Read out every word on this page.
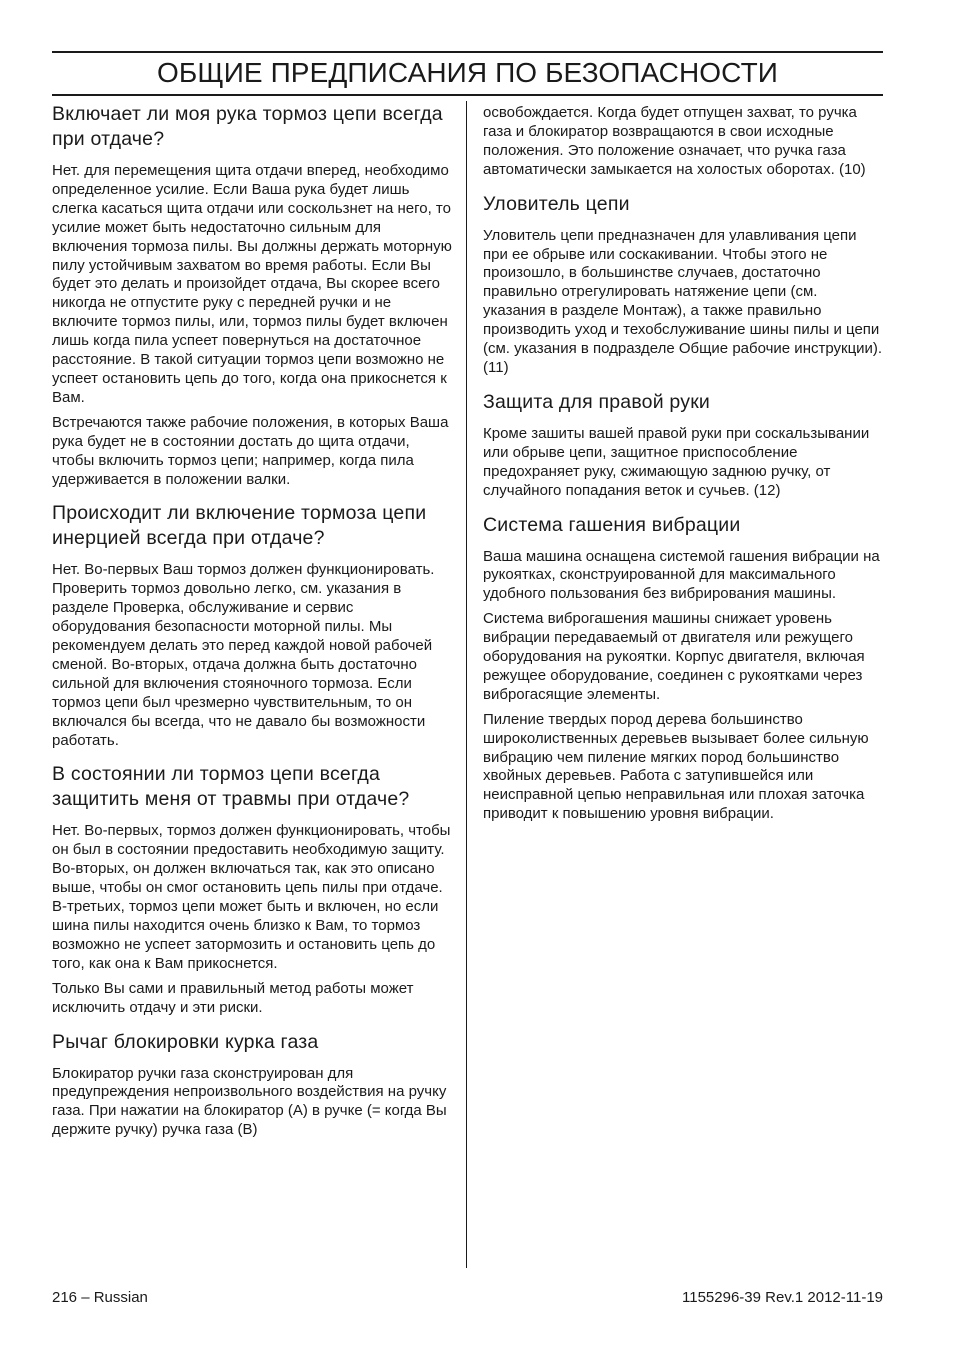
ОБЩИЕ ПРЕДПИСАНИЯ ПО БЕЗОПАСНОСТИ
Включает ли моя рука тормоз цепи всегда при отдаче?

Нет. для перемещения щита отдачи вперед, необходимо определенное усилие. Если Ваша рука будет лишь слегка касаться щита отдачи или соскользнет на него, то усилие может быть недостаточно сильным для включения тормоза пилы. Вы должны держать моторную пилу устойчивым захватом во время работы. Если Вы будет это делать и произойдет отдача, Вы скорее всего никогда не отпустите руку с передней ручки и не включите тормоз пилы, или, тормоз пилы будет включен лишь когда пила успеет повернуться на достаточное расстояние. В такой ситуации тормоз цепи возможно не успеет остановить цепь до того, когда она прикоснется к Вам.

Встречаются также рабочие положения, в которых Ваша рука будет не в состоянии достать до щита отдачи, чтобы включить тормоз цепи; например, когда пила удерживается в положении валки.

Происходит ли включение тормоза цепи инерцией всегда при отдаче?

Нет. Во-первых Ваш тормоз должен функционировать. Проверить тормоз довольно легко, см. указания в разделе Проверка, обслуживание и сервис оборудования безопасности моторной пилы. Мы рекомендуем делать это перед каждой новой рабочей сменой. Во-вторых, отдача должна быть достаточно сильной для включения стояночного тормоза. Если тормоз цепи был чрезмерно чувствительным, то он включался бы всегда, что не давало бы возможности работать.

В состоянии ли тормоз цепи всегда защитить меня от травмы при отдаче?

Нет. Во-первых, тормоз должен функционировать, чтобы он был в состоянии предоставить необходимую защиту. Во-вторых, он должен включаться так, как это описано выше, чтобы он смог остановить цепь пилы при отдаче. В-третьих, тормоз цепи может быть и включен, но если шина пилы находится очень близко к Вам, то тормоз возможно не успеет затормозить и остановить цепь до того, как она к Вам прикоснется.

Только Вы сами и правильный метод работы может исключить отдачу и эти риски.

Рычаг блокировки курка газа

Блокиратор ручки газа сконструирован для предупреждения непроизвольного воздействия на ручку газа. При нажатии на блокиратор (A) в ручке (= когда Вы держите ручку) ручка газа (B)

освобождается. Когда будет отпущен захват, то ручка газа и блокиратор возвращаются в свои исходные положения. Это положение означает, что ручка газа автоматически замыкается на холостых оборотах. (10)

Уловитель цепи

Уловитель цепи предназначен для улавливания цепи при ее обрыве или соскакивании. Чтобы этого не произошло, в большинстве случаев, достаточно правильно отрегулировать натяжение цепи (см. указания в разделе Монтаж), а также правильно производить уход и техобслуживание шины пилы и цепи (см. указания в подразделе Общие рабочие инструкции). (11)

Защита для правой руки

Кроме зашиты вашей правой руки при соскальзывании или обрыве цепи, защитное приспособление предохраняет руку, сжимающую заднюю ручку, от случайного попадания веток и сучьев. (12)

Система гашения вибрации

Ваша машина оснащена системой гашения вибрации на рукоятках, сконструированной для максимального удобного пользования без вибрирования машины.

Система виброгашения машины снижает уровень вибрации передаваемый от двигателя или режущего оборудования на рукоятки. Корпус двигателя, включая режущее оборудование, соединен с рукоятками через виброгасящие элементы.

Пиление твердых пород дерева большинство широколиственных деревьев вызывает более сильную вибрацию чем пиление мягких пород большинство хвойных деревьев. Работа с затупившейся или неисправной цепью неправильная или плохая заточка приводит к повышению уровня вибрации.

216 – Russian	1155296-39 Rev.1 2012-11-19
